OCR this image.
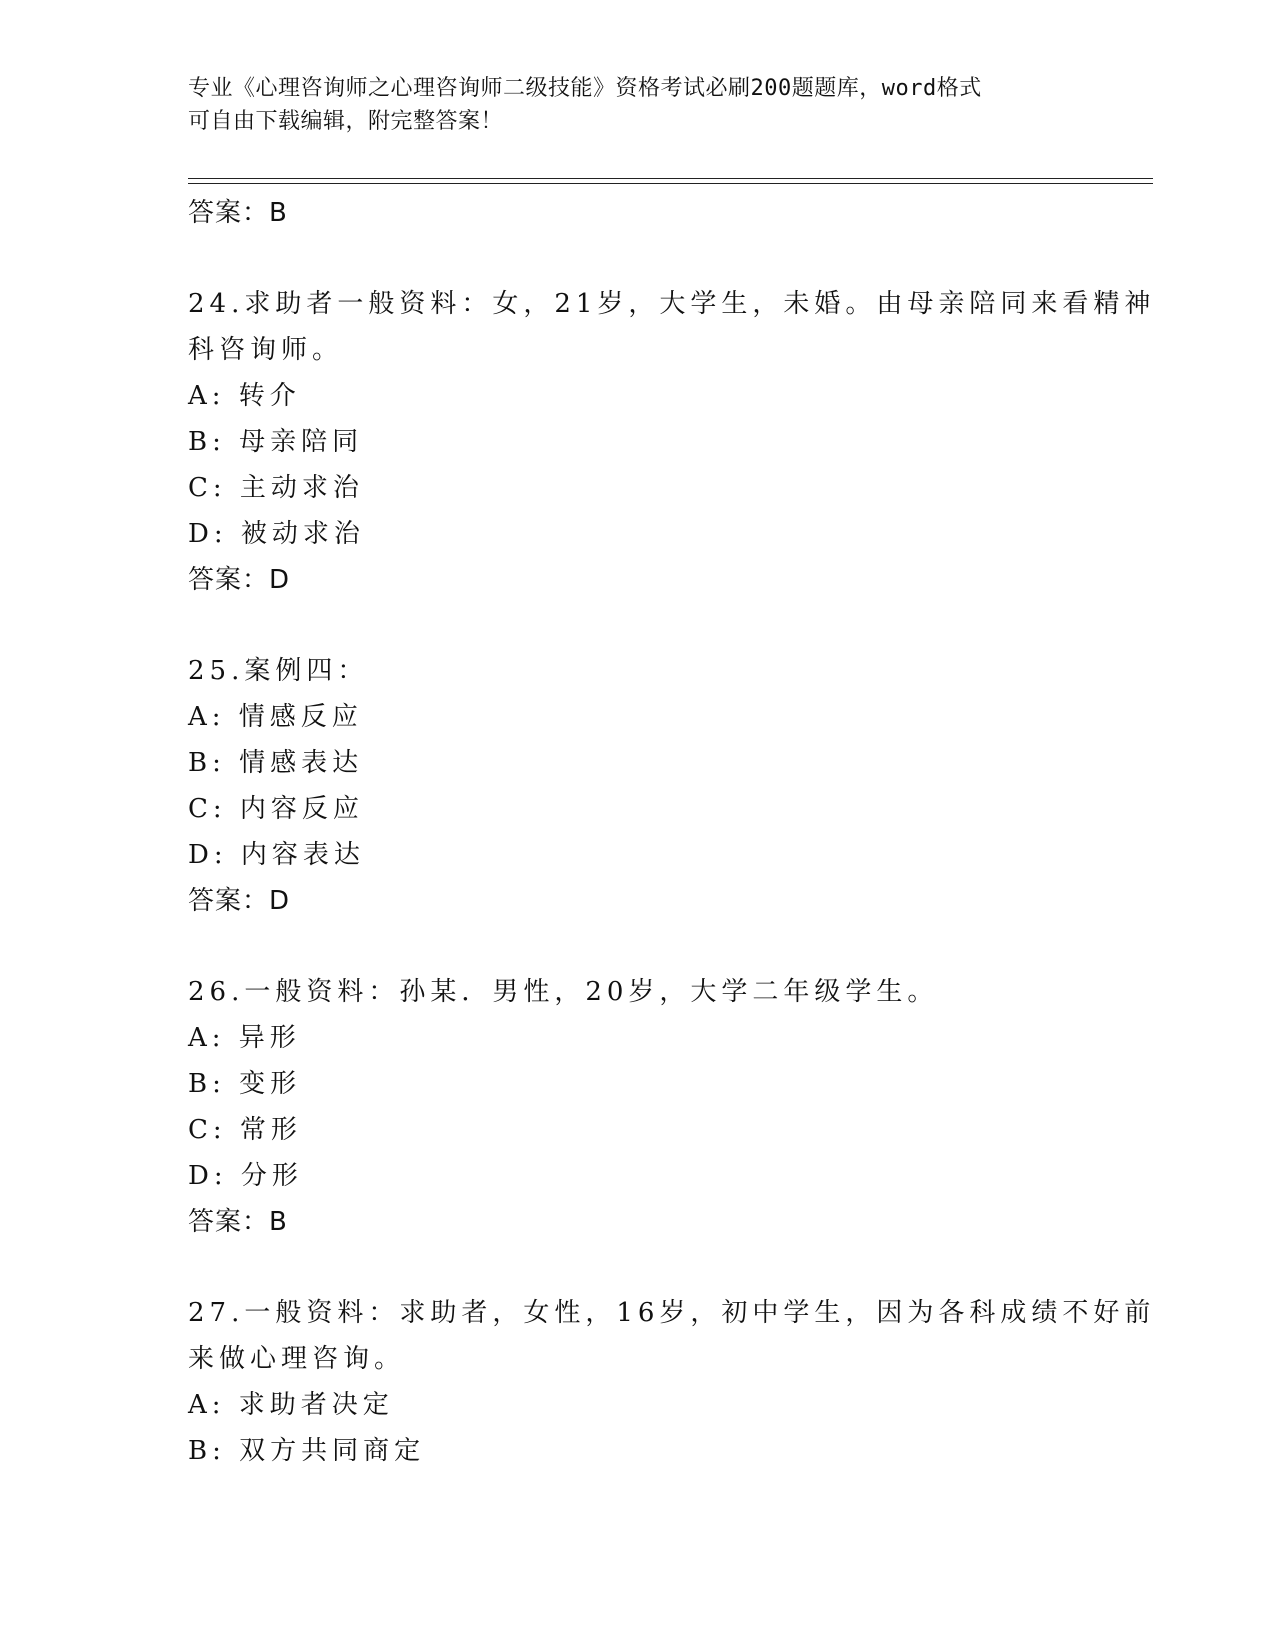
专业《心理咨询师之心理咨询师二级技能》资格考试必刷200题题库，word格式
可自由下载编辑，附完整答案！
答案：B
24.求助者一般资料：女，21岁，大学生，未婚。由母亲陪同来看精神
科咨询师。
A: 转介
B: 母亲陪同
C: 主动求治
D: 被动求治
答案：D
25.案例四：
A: 情感反应
B: 情感表达
C: 内容反应
D: 内容表达
答案：D
26.一般资料：孙某．男性，20岁，大学二年级学生。
A: 异形
B: 变形
C: 常形
D: 分形
答案：B
27.一般资料：求助者，女性，16岁，初中学生，因为各科成绩不好前
来做心理咨询。
A: 求助者决定
B: 双方共同商定
